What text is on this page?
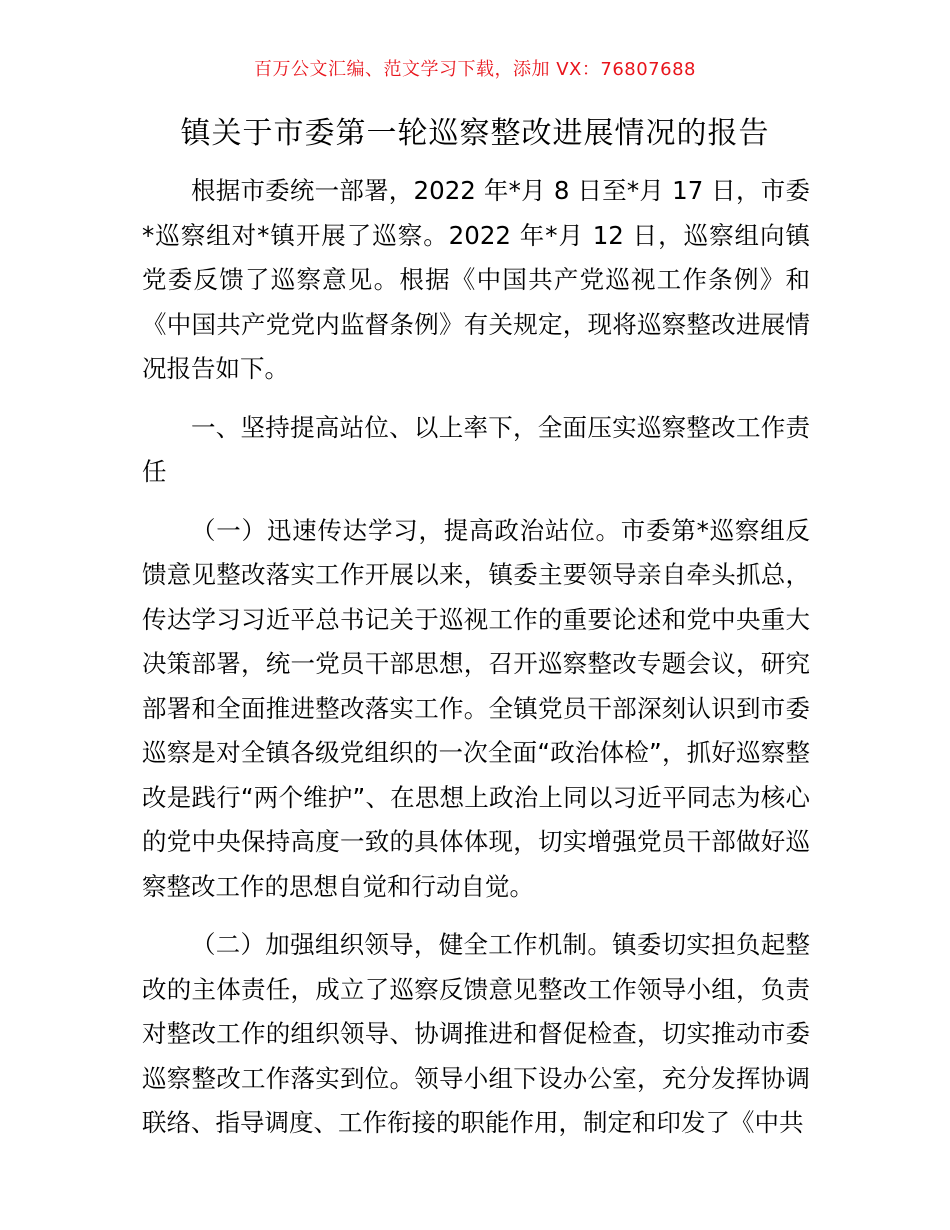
百万公文汇编、范文学习下载，添加 VX：76807688
镇关于市委第一轮巡察整改进展情况的报告

根据市委统一部署，2022 年*月 8 日至*月 17 日，市委*巡察组对*镇开展了巡察。2022 年*月 12 日，巡察组向镇党委反馈了巡察意见。根据《中国共产党巡视工作条例》和《中国共产党党内监督条例》有关规定，现将巡察整改进展情况报告如下。

一、坚持提高站位、以上率下，全面压实巡察整改工作责任

（一）迅速传达学习，提高政治站位。市委第*巡察组反馈意见整改落实工作开展以来，镇委主要领导亲自牵头抓总，传达学习习近平总书记关于巡视工作的重要论述和党中央重大决策部署，统一党员干部思想，召开巡察整改专题会议，研究部署和全面推进整改落实工作。全镇党员干部深刻认识到市委巡察是对全镇各级党组织的一次全面“政治体检”，抓好巡察整改是践行“两个维护”、在思想上政治上同以习近平同志为核心的党中央保持高度一致的具体体现，切实增强党员干部做好巡察整改工作的思想自觉和行动自觉。

（二）加强组织领导，健全工作机制。镇委切实担负起整改的主体责任，成立了巡察反馈意见整改工作领导小组，负责对整改工作的组织领导、协调推进和督促检查，切实推动市委巡察整改工作落实到位。领导小组下设办公室，充分发挥协调联络、指导调度、工作衔接的职能作用，制定和印发了《中共
